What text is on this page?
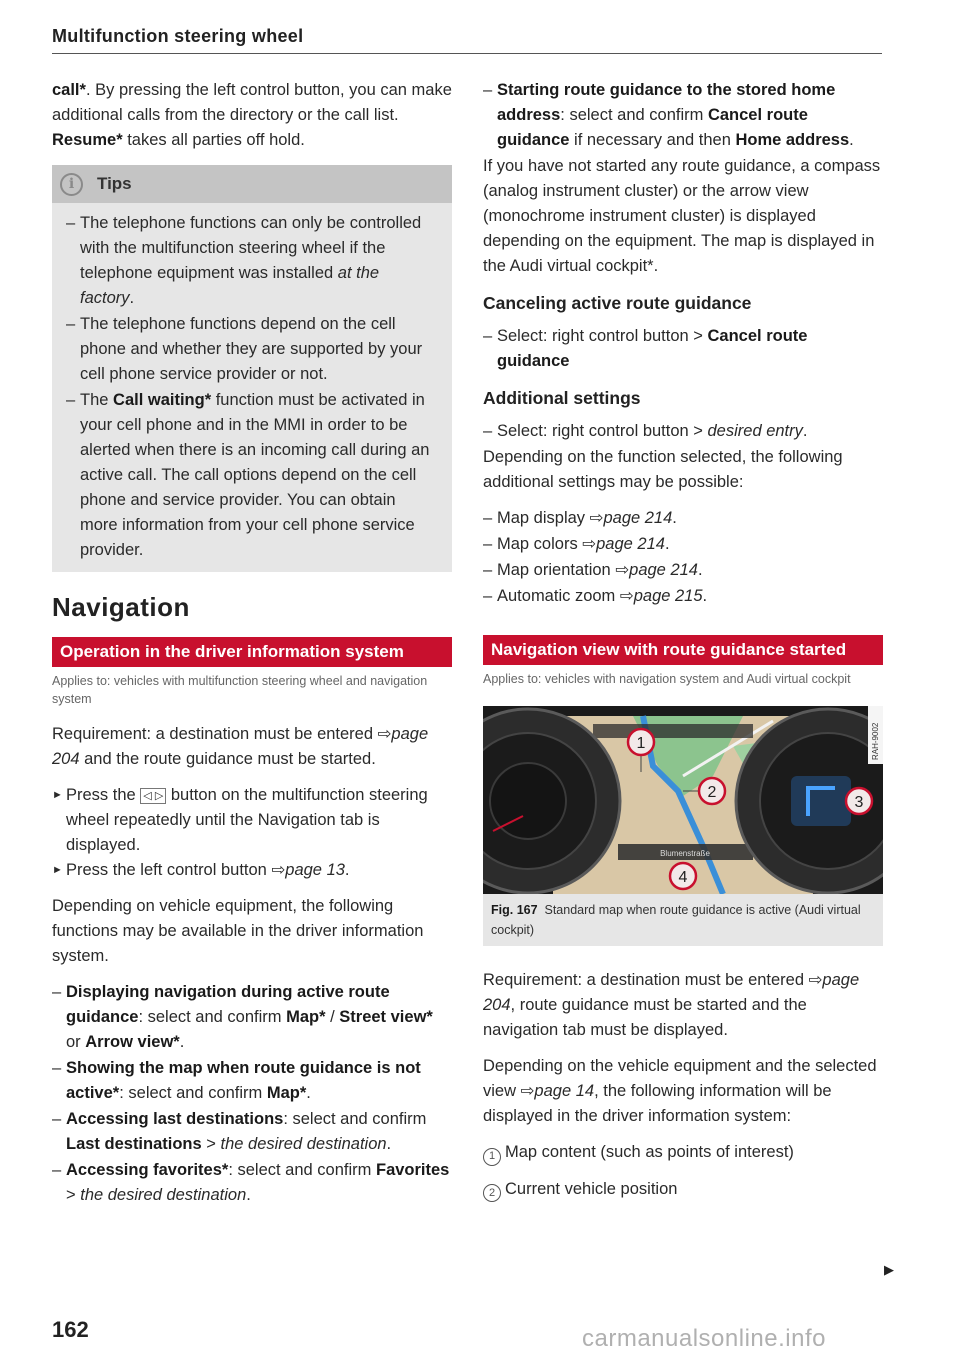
Multifunction steering wheel

call*. By pressing the left control button, you can make additional calls from the directory or the call list. Resume* takes all parties off hold.

i	Tips
– The telephone functions can only be controlled with the multifunction steering wheel if the telephone equipment was installed at the factory.
– The telephone functions depend on the cell phone and whether they are supported by your cell phone service provider or not.
– The Call waiting* function must be activated in your cell phone and in the MMI in order to be alerted when there is an incoming call during an active call. The call options depend on the cell phone and service provider. You can obtain more information from your cell phone service provider.
Navigation
Operation in the driver information system
Applies to: vehicles with multifunction steering wheel and navigation system

Requirement: a destination must be entered ⇨page 204 and the route guidance must be started.

► Press the ◁ ▷ button on the multifunction steering wheel repeatedly until the Navigation tab is displayed.

► Press the left control button ⇨page 13.

Depending on vehicle equipment, the following functions may be available in the driver information system.

– Displaying navigation during active route guidance: select and confirm Map* / Street view* or Arrow view*.
– Showing the map when route guidance is not active*: select and confirm Map*.
– Accessing last destinations: select and confirm Last destinations > the desired destination.
– Accessing favorites*: select and confirm Favorites > the desired destination.
– Starting route guidance to the stored home address: select and confirm Cancel route guidance if necessary and then Home address.

If you have not started any route guidance, a compass (analog instrument cluster) or the arrow view (monochrome instrument cluster) is displayed depending on the equipment. The map is displayed in the Audi virtual cockpit*.

Canceling active route guidance
– Select: right control button > Cancel route guidance
Additional settings
– Select: right control button > desired entry.

Depending on the function selected, the following additional settings may be possible:

– Map display ⇨page 214.
– Map colors ⇨page 214.
– Map orientation ⇨page 214.
– Automatic zoom ⇨page 215.
Navigation view with route guidance started
Applies to: vehicles with navigation system and Audi virtual cockpit
Blumenstraße
1
2
3
4
RAH-9002
Fig. 167 Standard map when route guidance is active (Audi virtual cockpit)

Requirement: a destination must be entered ⇨page 204, route guidance must be started and the navigation tab must be displayed.

Depending on the vehicle equipment and the selected view ⇨page 14, the following information will be displayed in the driver information system:

1 Map content (such as points of interest)

2 Current vehicle position

▶
162	carmanualsonline.info
